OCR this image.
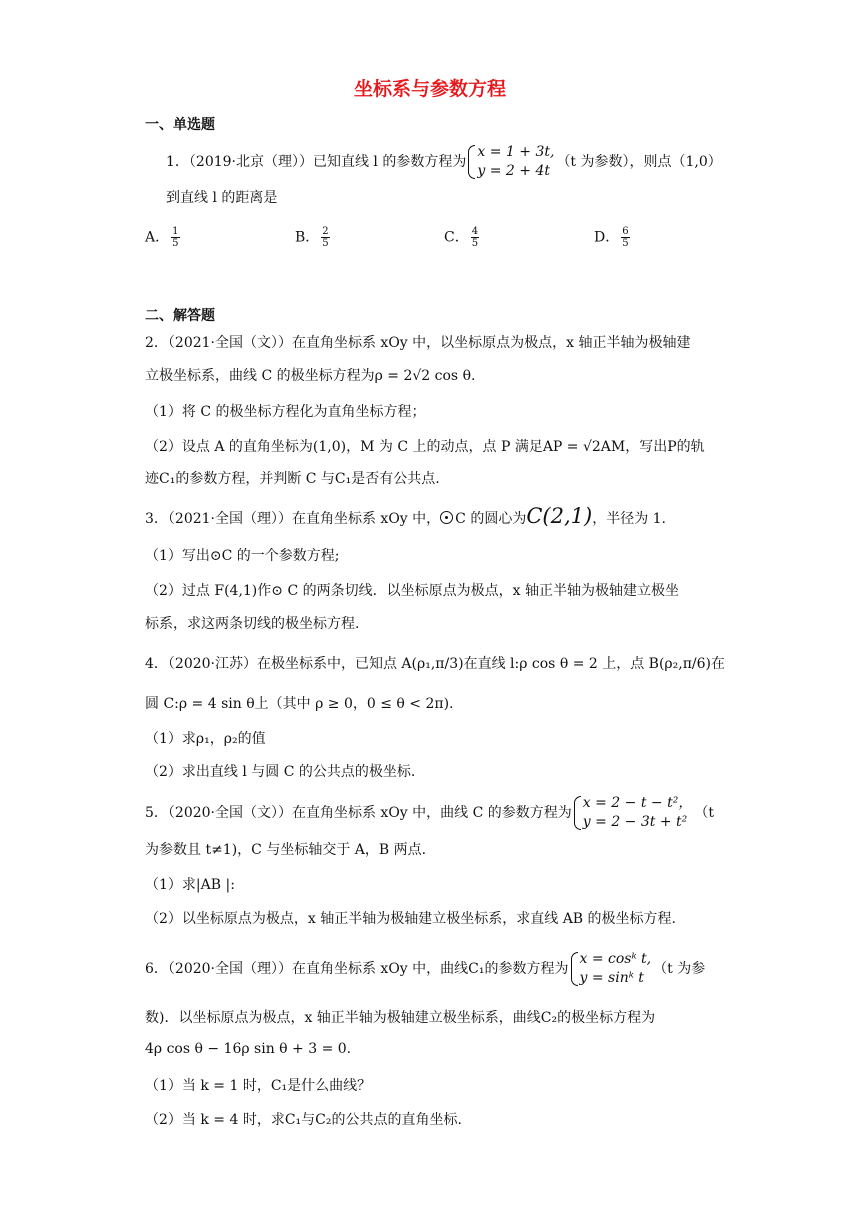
坐标系与参数方程
一、单选题
1．（2019·北京（理））已知直线 l 的参数方程为
x = 1 + 3t,
y = 2 + 4t
（t 为参数），则点（1,0）
到直线 l 的距离是
A． $\frac{1}{5}$	B． $\frac{2}{5}$	C． $\frac{4}{5}$	D． $\frac{6}{5}$
二、解答题
2．（2021·全国（文））在直角坐标系 xOy 中，以坐标原点为极点，x 轴正半轴为极轴建
立极坐标系，曲线 C 的极坐标方程为ρ = 2√2 cos θ.
（1）将 C 的极坐标方程化为直角坐标方程；
（2）设点 A 的直角坐标为(1,0)，M 为 C 上的动点，点 P 满足AP = √2AM，写出P的轨
迹C₁的参数方程，并判断 C 与C₁是否有公共点.
3．（2021·全国（理））在直角坐标系 xOy 中， C 的圆心为C(2,1)，半径为 1.
（1）写出⊙C 的一个参数方程;
（2）过点 F(4,1)作⊙ C 的两条切线．以坐标原点为极点，x 轴正半轴为极轴建立极坐
标系，求这两条切线的极坐标方程.
4．（2020·江苏）在极坐标系中，已知点 A(ρ₁,π/3)在直线 l:ρ cos θ = 2 上，点 B(ρ₂,π/6)在
圆 C:ρ = 4 sin θ上（其中 ρ ≥ 0，0 ≤ θ < 2π).
（1）求ρ₁，ρ₂的值
（2）求出直线 l 与圆 C 的公共点的极坐标.
5．（2020·全国（文））在直角坐标系 xOy 中，曲线 C 的参数方程为
x = 2 − t − t²，
y = 2 − 3t + t²
（t
为参数且 t≠1)，C 与坐标轴交于 A，B 两点.
（1）求|AB |:
（2）以坐标原点为极点，x 轴正半轴为极轴建立极坐标系，求直线 AB 的极坐标方程.
6．（2020·全国（理））在直角坐标系 xOy 中，曲线C₁的参数方程为
x = cosᵏ t,
y = sinᵏ t
（t 为参
数)．以坐标原点为极点，x 轴正半轴为极轴建立极坐标系，曲线C₂的极坐标方程为
4ρ cos θ − 16ρ sin θ + 3 = 0.
（1）当 k = 1 时，C₁是什么曲线？
（2）当 k = 4 时，求C₁与C₂的公共点的直角坐标.
